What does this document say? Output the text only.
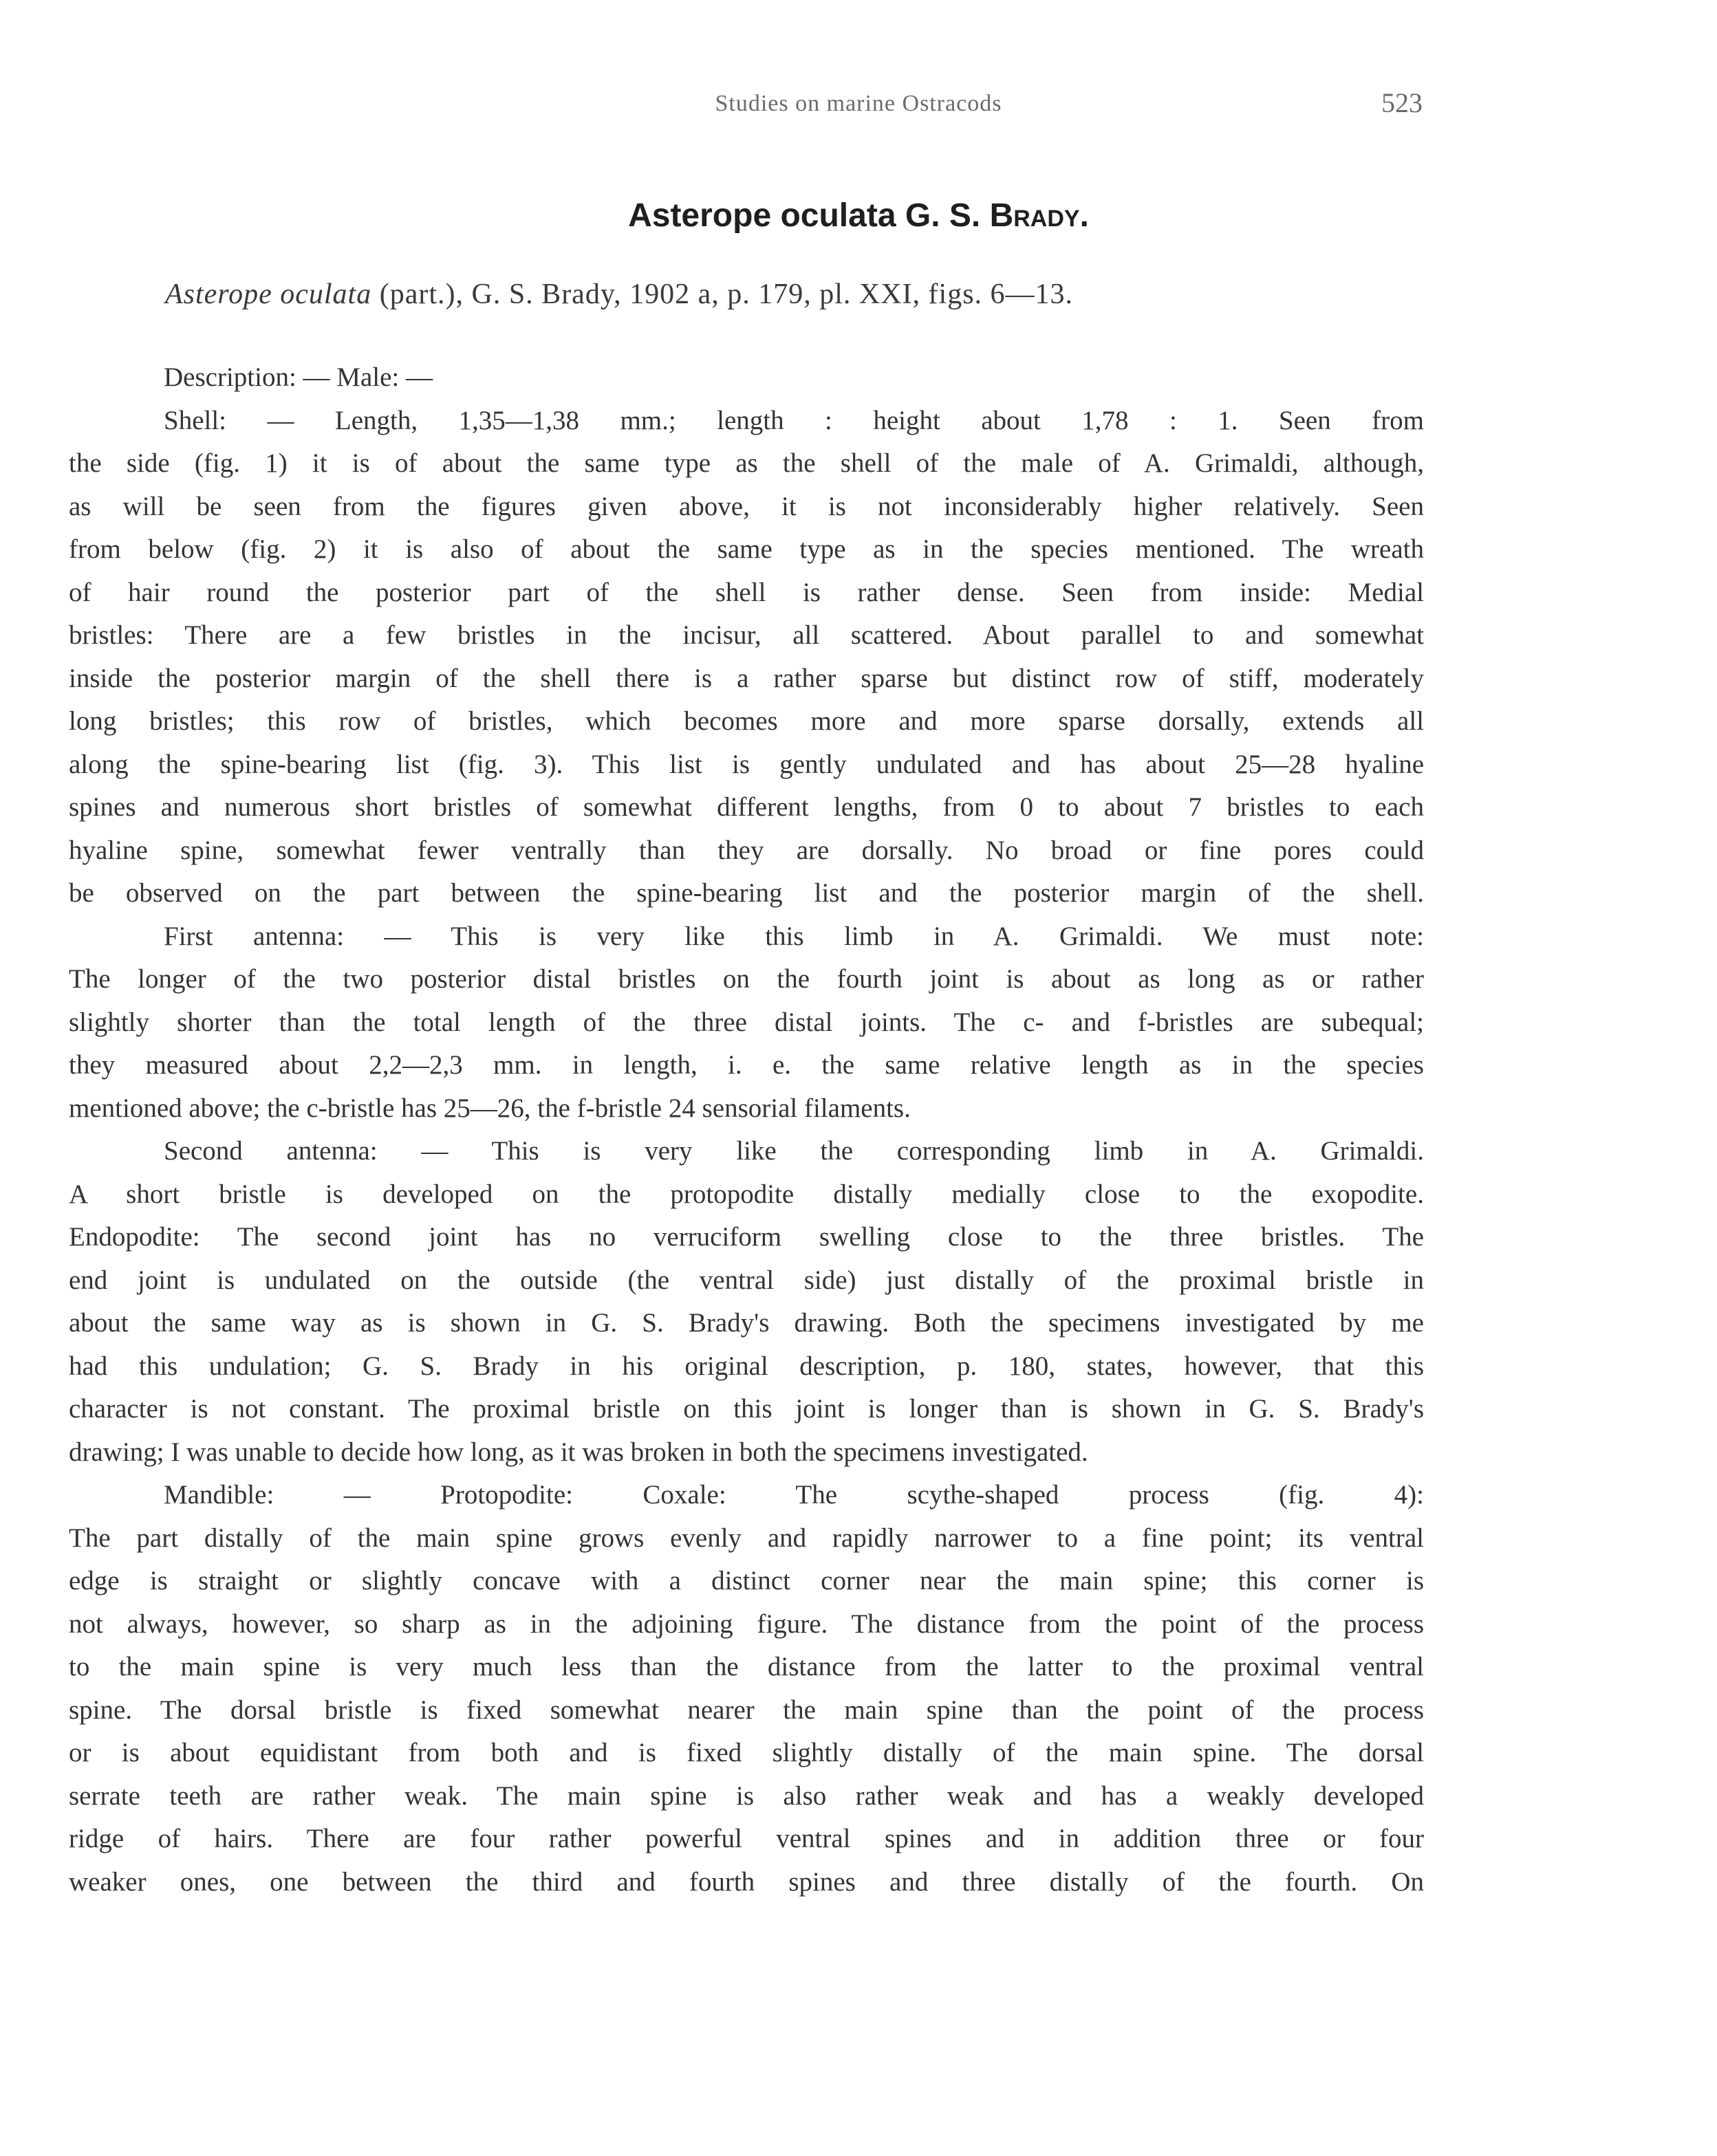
Studies on marine Ostracods	523
Asterope oculata G. S. Brady.
Asterope oculata (part.), G. S. Brady, 1902 a, p. 179, pl. XXI, figs. 6—13.
Description: — Male: —
Shell: — Length, 1,35—1,38 mm.; length : height about 1,78 : 1. Seen from
the side (fig. 1) it is of about the same type as the shell of the male of A. Grimaldi, although,
as will be seen from the figures given above, it is not inconsiderably higher relatively. Seen
from below (fig. 2) it is also of about the same type as in the species mentioned. The wreath
of hair round the posterior part of the shell is rather dense. Seen from inside: Medial
bristles: There are a few bristles in the incisur, all scattered. About parallel to and somewhat
inside the posterior margin of the shell there is a rather sparse but distinct row of stiff, moderately
long bristles; this row of bristles, which becomes more and more sparse dorsally, extends all
along the spine-bearing list (fig. 3). This list is gently undulated and has about 25—28 hyaline
spines and numerous short bristles of somewhat different lengths, from 0 to about 7 bristles to each
hyaline spine, somewhat fewer ventrally than they are dorsally. No broad or fine pores could
be observed on the part between the spine-bearing list and the posterior margin of the shell.
First antenna: — This is very like this limb in A. Grimaldi. We must note:
The longer of the two posterior distal bristles on the fourth joint is about as long as or rather
slightly shorter than the total length of the three distal joints. The c- and f-bristles are subequal;
they measured about 2,2—2,3 mm. in length, i. e. the same relative length as in the species
mentioned above; the c-bristle has 25—26, the f-bristle 24 sensorial filaments.
Second antenna: — This is very like the corresponding limb in A. Grimaldi.
A short bristle is developed on the protopodite distally medially close to the exopodite.
Endopodite: The second joint has no verruciform swelling close to the three bristles. The
end joint is undulated on the outside (the ventral side) just distally of the proximal bristle in
about the same way as is shown in G. S. Brady's drawing. Both the specimens investigated by me
had this undulation; G. S. Brady in his original description, p. 180, states, however, that this
character is not constant. The proximal bristle on this joint is longer than is shown in G. S. Brady's
drawing; I was unable to decide how long, as it was broken in both the specimens investigated.
Mandible: — Protopodite: Coxale: The scythe-shaped process (fig. 4):
The part distally of the main spine grows evenly and rapidly narrower to a fine point; its ventral
edge is straight or slightly concave with a distinct corner near the main spine; this corner is
not always, however, so sharp as in the adjoining figure. The distance from the point of the process
to the main spine is very much less than the distance from the latter to the proximal ventral
spine. The dorsal bristle is fixed somewhat nearer the main spine than the point of the process
or is about equidistant from both and is fixed slightly distally of the main spine. The dorsal
serrate teeth are rather weak. The main spine is also rather weak and has a weakly developed
ridge of hairs. There are four rather powerful ventral spines and in addition three or four
weaker ones, one between the third and fourth spines and three distally of the fourth. On
